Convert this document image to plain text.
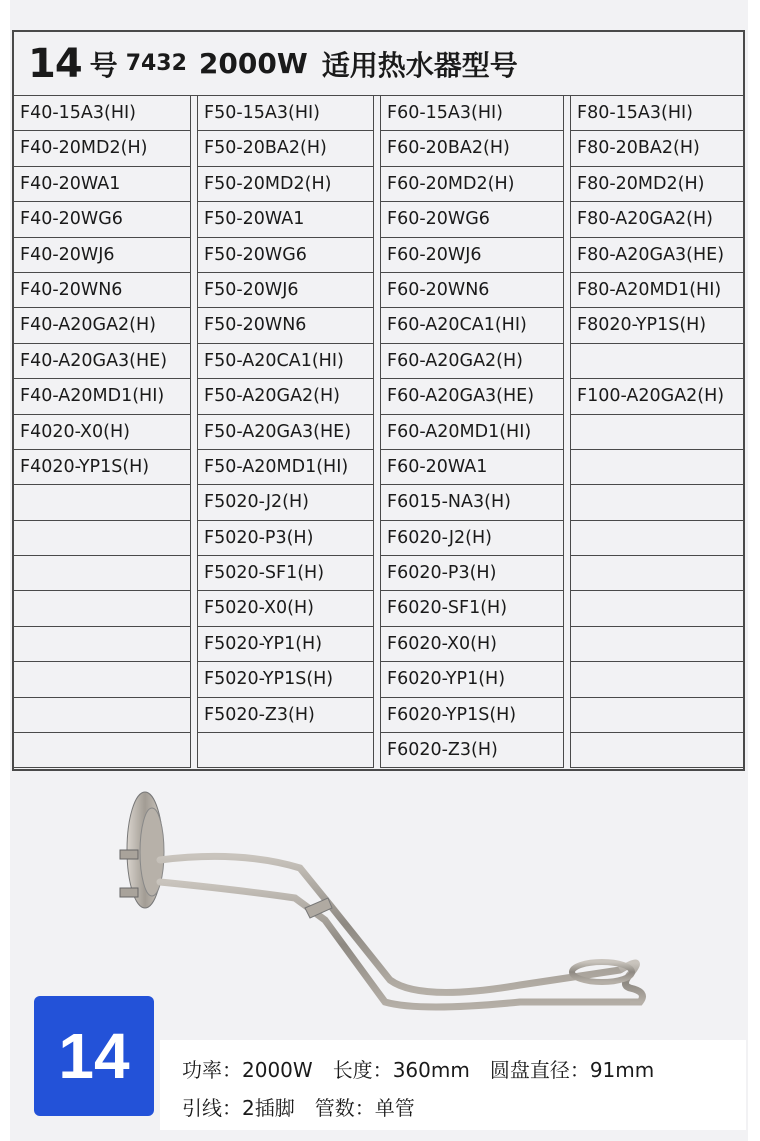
14 号 7432 2000W 适用热水器型号
F40-15A3(HI)
F40-20MD2(H)
F40-20WA1
F40-20WG6
F40-20WJ6
F40-20WN6
F40-A20GA2(H)
F40-A20GA3(HE)
F40-A20MD1(HI)
F4020-X0(H)
F4020-YP1S(H)
F50-15A3(HI)
F50-20BA2(H)
F50-20MD2(H)
F50-20WA1
F50-20WG6
F50-20WJ6
F50-20WN6
F50-A20CA1(HI)
F50-A20GA2(H)
F50-A20GA3(HE)
F50-A20MD1(HI)
F5020-J2(H)
F5020-P3(H)
F5020-SF1(H)
F5020-X0(H)
F5020-YP1(H)
F5020-YP1S(H)
F5020-Z3(H)
F60-15A3(HI)
F60-20BA2(H)
F60-20MD2(H)
F60-20WG6
F60-20WJ6
F60-20WN6
F60-A20CA1(HI)
F60-A20GA2(H)
F60-A20GA3(HE)
F60-A20MD1(HI)
F60-20WA1
F6015-NA3(H)
F6020-J2(H)
F6020-P3(H)
F6020-SF1(H)
F6020-X0(H)
F6020-YP1(H)
F6020-YP1S(H)
F6020-Z3(H)
F80-15A3(HI)
F80-20BA2(H)
F80-20MD2(H)
F80-A20GA2(H)
F80-A20GA3(HE)
F80-A20MD1(HI)
F8020-YP1S(H)
F100-A20GA2(H)
14	功率：2000W 长度：360mm 圆盘直径：91mm
引线：2插脚 管数：单管
